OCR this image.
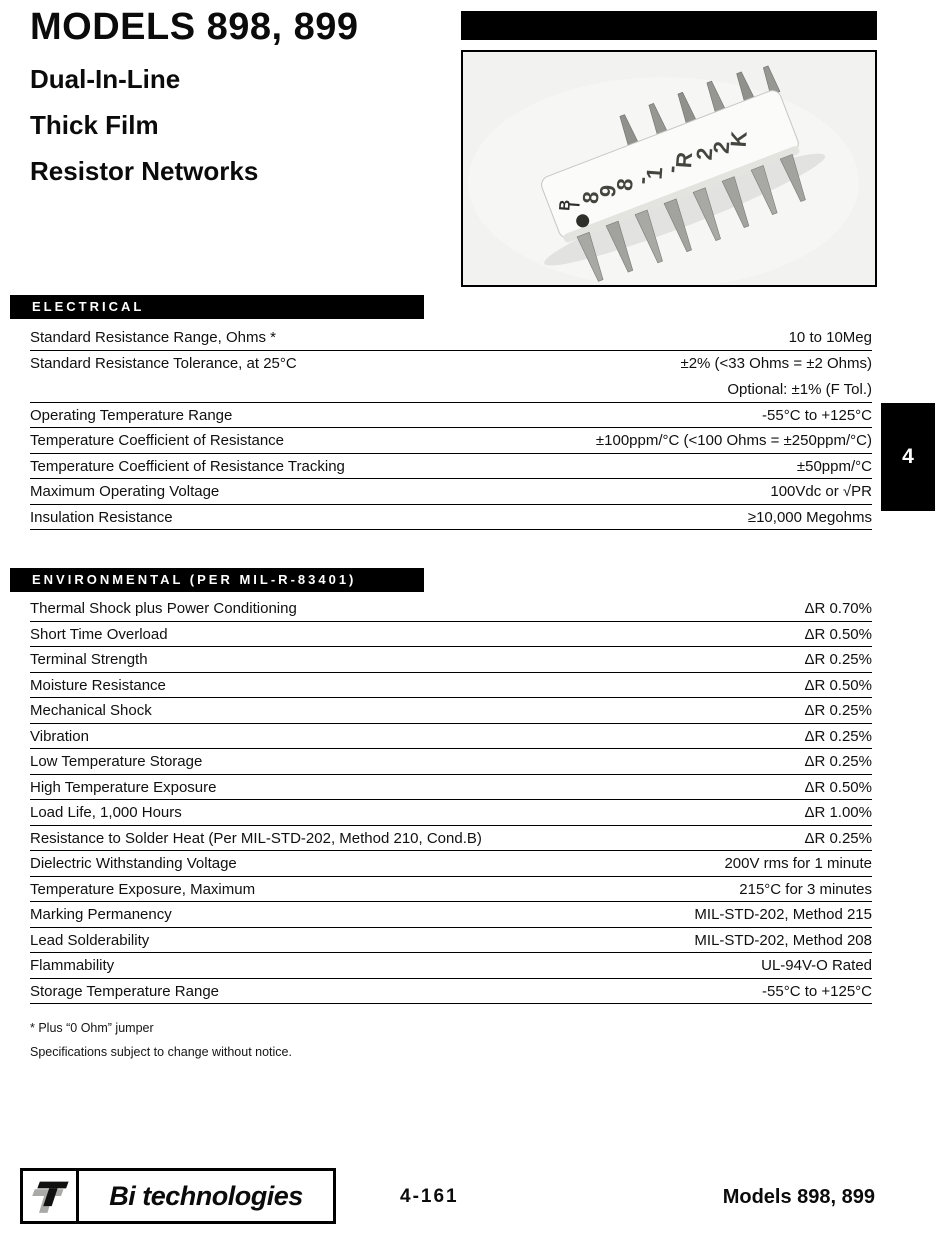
MODELS 898, 899
Dual-In-Line
Thick Film
Resistor Networks
BI
898-1-R22K
ELECTRICAL
Standard Resistance Range, Ohms *	10 to 10Meg
Standard Resistance Tolerance, at 25°C	±2% (<33 Ohms = ±2 Ohms)
Optional: ±1% (F Tol.)
Operating Temperature Range	-55°C to +125°C
Temperature Coefficient of Resistance	±100ppm/°C (<100 Ohms = ±250ppm/°C)
Temperature Coefficient of Resistance Tracking	±50ppm/°C
Maximum Operating Voltage	100Vdc or √PR
Insulation Resistance	≥10,000 Megohms
4
ENVIRONMENTAL (PER MIL-R-83401)
Thermal Shock plus Power Conditioning	ΔR 0.70%
Short Time Overload	ΔR 0.50%
Terminal Strength	ΔR 0.25%
Moisture Resistance	ΔR 0.50%
Mechanical Shock	ΔR 0.25%
Vibration	ΔR 0.25%
Low Temperature Storage	ΔR 0.25%
High Temperature Exposure	ΔR 0.50%
Load Life, 1,000 Hours	ΔR 1.00%
Resistance to Solder Heat (Per MIL-STD-202, Method 210, Cond.B)	ΔR 0.25%
Dielectric Withstanding Voltage	200V rms for 1 minute
Temperature Exposure, Maximum	215°C for 3 minutes
Marking Permanency	MIL-STD-202, Method 215
Lead Solderability	MIL-STD-202, Method 208
Flammability	UL-94V-O Rated
Storage Temperature Range	-55°C to +125°C

* Plus “0 Ohm” jumper

Specifications subject to change without notice.

Bi technologies	4-161	Models 898, 899
